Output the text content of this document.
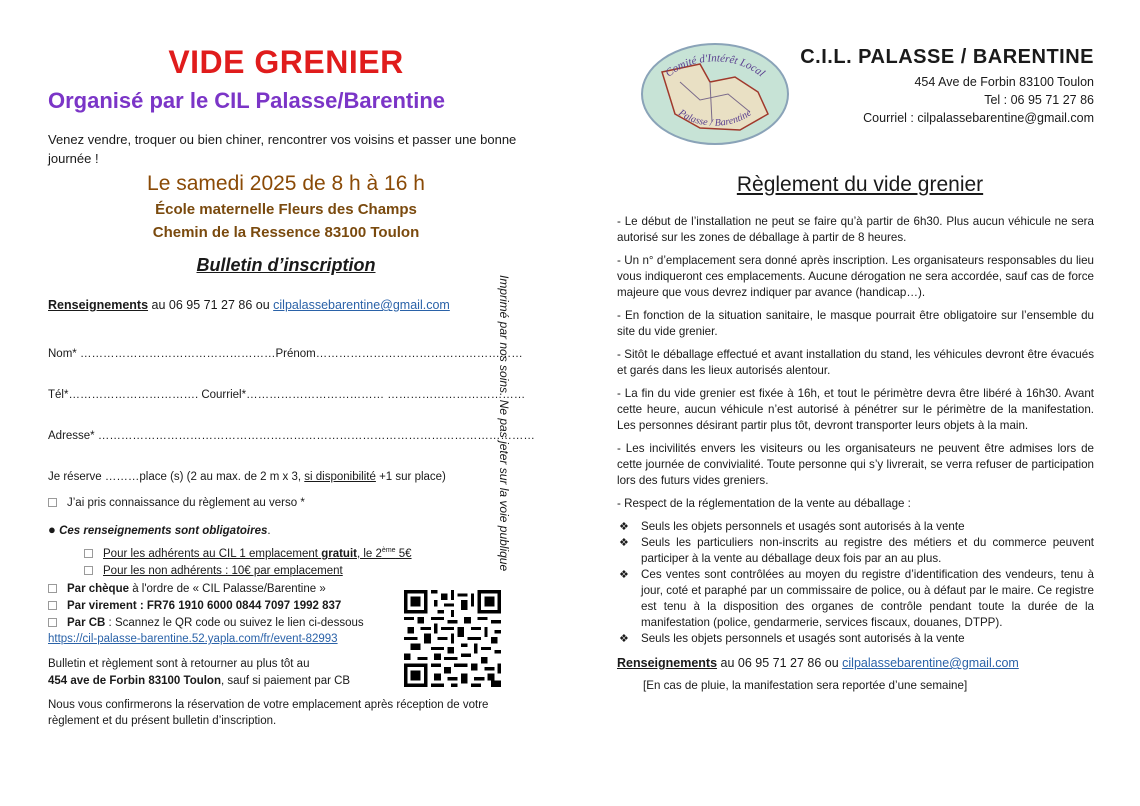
VIDE GRENIER
Organisé par le CIL Palasse/Barentine
Venez vendre, troquer ou bien chiner, rencontrer vos voisins et passer une bonne journée !
Le samedi 2025 de 8 h à 16 h
École maternelle Fleurs des Champs
Chemin de la Ressence 83100 Toulon
Bulletin d’inscription
Renseignements au 06 95 71 27 86 ou cilpalassebarentine@gmail.com
Nom* ……………………………………………Prénom………………………………………………
Tél*……………………………. Courriel*……………………………… ………………………………
Adresse* ……………………………………………………………………………………………………
Je réserve ………place (s) (2 au max. de 2 m x 3, si disponibilité +1 sur place)
J’ai pris connaissance du règlement au verso *
● Ces renseignements sont obligatoires.
Pour les adhérents au CIL 1 emplacement gratuit, le 2ème 5€
Pour les non adhérents : 10€ par emplacement
Par chèque à l'ordre de « CIL Palasse/Barentine »
Par virement : FR76 1910 6000 0844 7097 1992 837
Par CB : Scannez le QR code ou suivez le lien ci-dessous
https://cil-palasse-barentine.52.yapla.com/fr/event-82993
Bulletin et règlement sont à retourner au plus tôt au
454 ave de Forbin 83100 Toulon, sauf si paiement par CB
Nous vous confirmerons la réservation de votre emplacement après réception de votre règlement et du présent bulletin d’inscription.
Imprimé par nos soins. Ne pas jeter sur la voie publique
Comité d'Intérêt Local
Palasse / Barentine
C.I.L. PALASSE / BARENTINE
454 Ave de Forbin 83100 Toulon
Tel : 06 95 71 27 86
Courriel : cilpalassebarentine@gmail.com
Règlement du vide grenier

- Le début de l’installation ne peut se faire qu’à partir de 6h30. Plus aucun véhicule ne sera autorisé sur les zones de déballage à partir de 8 heures.

- Un n° d’emplacement sera donné après inscription. Les organisateurs responsables du lieu vous indiqueront ces emplacements. Aucune dérogation ne sera accordée, sauf cas de force majeure que vous devrez indiquer par avance (handicap…).

- En fonction de la situation sanitaire, le masque pourrait être obligatoire sur l’ensemble du site du vide grenier.

- Sitôt le déballage effectué et avant installation du stand, les véhicules devront être évacués et garés dans les lieux autorisés alentour.

- La fin du vide grenier est fixée à 16h, et tout le périmètre devra être libéré à 16h30. Avant cette heure, aucun véhicule n’est autorisé à pénétrer sur le périmètre de la manifestation. Les personnes désirant partir plus tôt, devront transporter leurs objets à la main.

- Les incivilités envers les visiteurs ou les organisateurs ne peuvent être admises lors de cette journée de convivialité. Toute personne qui s’y livrerait, se verra refuser de participation lors des futurs vides greniers.

- Respect de la réglementation de la vente au déballage :

❖ Seuls les objets personnels et usagés sont autorisés à la vente
❖ Seuls les particuliers non-inscrits au registre des métiers et du commerce peuvent participer à la vente au déballage deux fois par an au plus.
❖ Ces ventes sont contrôlées au moyen du registre d’identification des vendeurs, tenu à jour, coté et paraphé par un commissaire de police, ou à défaut par le maire. Ce registre est tenu à la disposition des organes de contrôle pendant toute la durée de la manifestation (police, gendarmerie, services fiscaux, douanes, DTPP).
❖ Seuls les objets personnels et usagés sont autorisés à la vente
Renseignements au 06 95 71 27 86 ou cilpalassebarentine@gmail.com
[En cas de pluie, la manifestation sera reportée d’une semaine]
